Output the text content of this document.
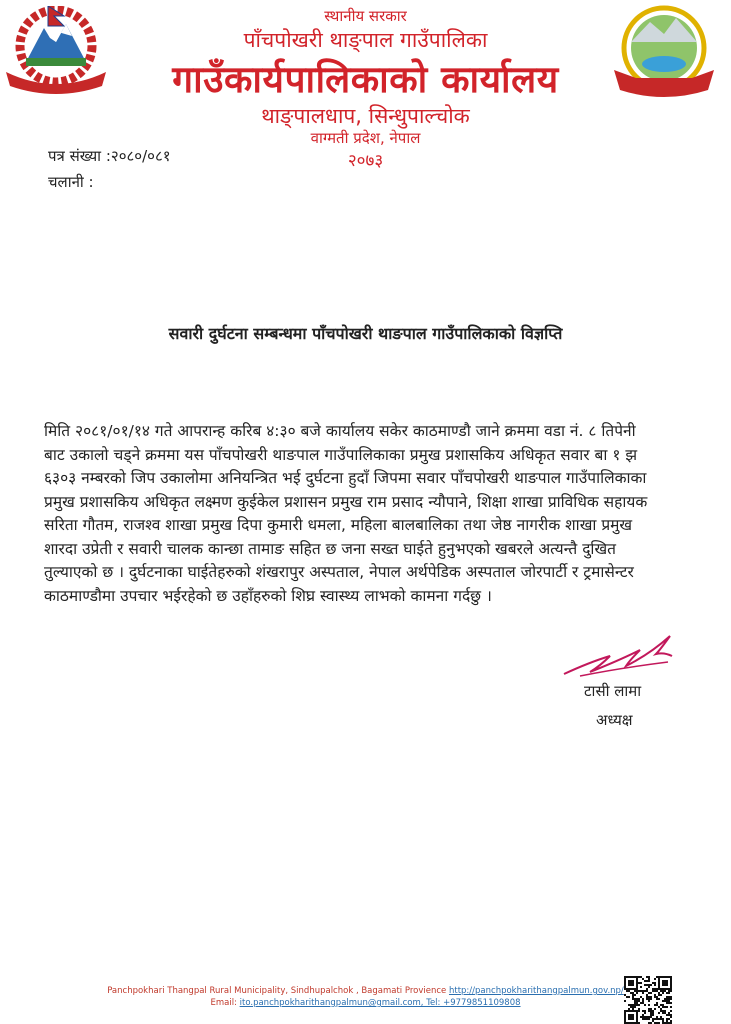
स्थानीय सरकार
पाँचपोखरी थाङ्पाल गाउँपालिका
गाउँकार्यपालिकाको कार्यालय
थाङ्पालधाप, सिन्धुपाल्चोक
वाग्मती प्रदेश, नेपाल
२०७३
पत्र संख्या :२०८०/०८१
चलानी :
सवारी दुर्घटना सम्बन्धमा पाँचपोखरी थाङपाल गाउँपालिकाको विज्ञप्ति
मिति २०८१/०१/१४ गते आपरान्ह करिब ४:३० बजे कार्यालय सकेर काठमाण्डौ जाने क्रममा वडा नं. ८ तिपेनी
बाट उकालो चड्ने क्रममा यस पाँचपोखरी थाङपाल गाउँपालिकाका प्रमुख प्रशासकिय अधिकृत सवार बा १ झ
६३०३ नम्बरको जिप उकालोमा अनियन्त्रित भई दुर्घटना हुदाँ जिपमा सवार पाँचपोखरी थाङपाल गाउँपालिकाका
प्रमुख प्रशासकिय अधिकृत लक्ष्मण कुईकेल प्रशासन प्रमुख राम प्रसाद न्यौपाने, शिक्षा शाखा प्राविधिक सहायक
सरिता गौतम, राजश्व शाखा प्रमुख दिपा कुमारी धमला, महिला बालबालिका तथा जेष्ठ नागरीक शाखा प्रमुख
शारदा उप्रेती र सवारी चालक कान्छा तामाङ सहित छ जना सख्त घाईते हुनुभएको खबरले अत्यन्तै दुखित
तुल्याएको छ । दुर्घटनाका घाईतेहरुको शंखरापुर अस्पताल, नेपाल अर्थपेडिक अस्पताल जोरपार्टी र ट्रमासेन्टर
काठमाण्डौमा उपचार भईरहेको छ उहाँहरुको शिघ्र स्वास्थ्य लाभको कामना गर्दछु ।
टासी लामा
अध्यक्ष
Panchpokhari Thangpal Rural Municipality, Sindhupalchok , Bagamati Provience http://panchpokharithangpalmun.gov.np/
Email: ito.panchpokharithangpalmun@gmail.com, Tel: +9779851109808
